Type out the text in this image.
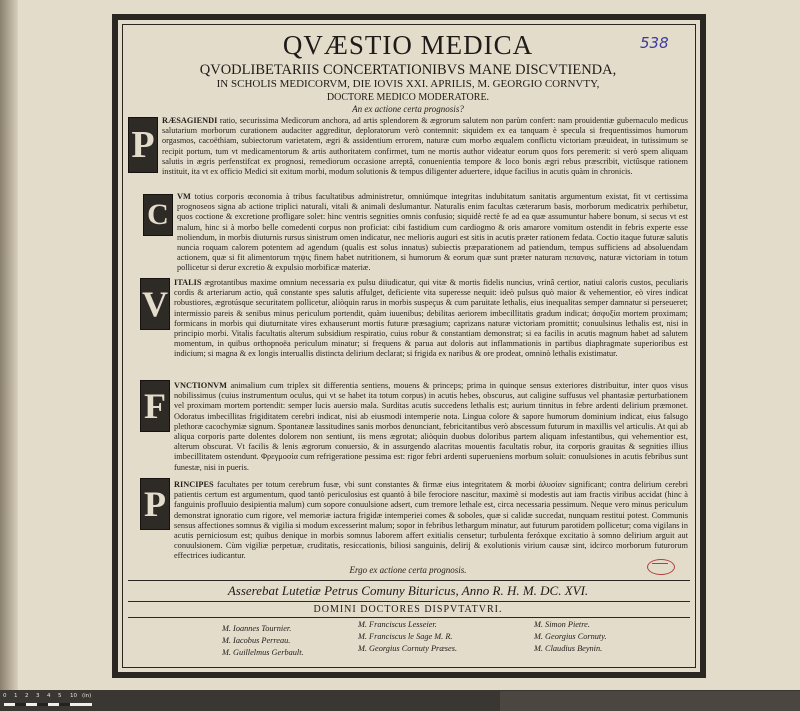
538
QVÆSTIO MEDICA
QVODLIBETARIIS CONCERTATIONIBVS MANE DISCVTIENDA,
IN SCHOLIS MEDICORVM, DIE IOVIS XXI. APRILIS, M. GEORGIO CORNVTY,
DOCTORE MEDICO MODERATORE.
An ex actione certa prognosis?
P

RÆSAGIENDI ratio, securissima Medicorum anchora, ad artis splendorem & ægrorum salutem non parùm confert: nam prouidentiæ gubernaculo medicus salutarium morborum curationem audaciter aggreditur, deploratorum verò contemnit: siquidem ex ea tanquam è specula si frequentissimos humorum orgasmos, cacoëthiam, subiectorum varietatem, ægri & assidentium errorem, naturæ cum morbo æqualem conflictu victoriam præuideat, in tutissimum se recipit portum, tum vt medicamentorum & artis authoritatem confirmet, tum ne mortis author videatur eorum quos fors peremerit: si verò spem aliquam salutis in ægris perfenstifcat ex prognosi, remediorum occasione arreptâ, conuenientia tempore & loco bonis ægri rebus præscribit, victûsque rationem instituit, ita vt ex officio Medici sit exitum morbi, modum solutionis & tempus diligenter aduertere, idque facilius in acutis quàm in chronicis.

C

VM totius corporis œconomia à tribus facultatibus administretur, omniúmque integritas indubitatum sanitatis argumentum existat, fit vt certissima prognoseos signa ab actione triplici naturali, vitali & animali deslumantur. Naturalis enim facultas cæterarum basis, morborum medicatrix perhibetur, quos coctione & excretione profligare solet: hinc ventris segnities omnis confusio; siquidè rectè fe ad ea quæ assumuntur habere bonum, si secus vt est malum, hinc si à morbo belle comedenti corpus non proficiat: cibi fastidium cum cardiogmo & oris amarore vomitum ostendit in febris experte esse moliendum, in morbis diuturnis rursus sinistrum omen indicatur, nec melioris auguri est sitis in acutis præter rationem fedata. Coctio itaque futuræ salutis nuncia roquam calorem potentem ad agendum (qualis est solus innatus) subiectis præparationem ad patiendum, tempus sufficiens ad absoluendam actionem, quæ si fit alimentorum τηψις finem habet nutritionem, si humorum & eorum quæ sunt præter naturam πεπανσις, naturæ victoriam in totum pollicetur si derur excretio & expulsio morbificæ materiæ.

V

ITALIS ægrotantibus maxime omnium necessaria ex pulsu diiudicatur, qui vitæ & mortis fidelis nuncius, vrinâ certior, natiui caloris custos, peculiaris cordis & arteriarum actio, quâ constante spes salutis affulget, deficiente vita superesse nequit: ideò pulsus quò maior & vehementior, eò vires indicat robustiores, ægrotúsque securitatem pollicetur, aliòquin rarus in morbis suspeçus & cum paruitate lethalis, eius inequalitas semper damnatur si perseueret; intermissio pareis & senibus minus periculum portendit, quàm iuuenibus; debilitas aeriorem imbecillitatis gradum indicat; ἀσφυξία mortem proximam; formicans in morbis qui diuturnitate vires exhauserunt mortis futuræ præsagium; caprizans naturæ victoriam promittit; conuulsinus lethalis est, nisi in principio morbi. Vitalis facultatis alterum subsidium respiratio, cuius robur & constantiam demonstrat; si ea facilis in acutis magnum habet ad salutem momentum, in quibus orthopnoëa periculum minatur; si frequens & parua aut doloris aut inflammationis in partibus diaphragmate superioribus est indicium; si magna & ex longis interuallis distincta delirium declarat; si frigida ex naribus & ore prodeat, omninò lethalis existimatur.

F

VNCTIONVM animalium cum triplex sit differentia sentiens, mouens & princeps; prima in quinque sensus exteriores distribuitur, inter quos visus nobilissimus (cuius instrumentum oculus, qui vt se habet ita totum corpus) in acutis hebes, obscurus, aut caligine suffusus vel phantasiæ perturbationem vel proximam mortem portendit: semper lucis auersio mala. Surditas acutis succedens lethalis est; aurium tinnitus in febre ardenti delirium præmonet. Odoratus imbecillitas frigiditatem cerebri indicat, nisi ab eiusmodi intemperie nota. Lingua colore & sapore humorum dominium indicat, eius falsugo plethoræ cacochymiæ signum. Spontaneæ lassitudines sanis morbos denunciant, febricitantibus verò abscessum futurum in maxillis vel articulis. At qui ab aliqua corporis parte dolentes dolorem non sentiunt, iis mens ægrotat; aliòquin duobus doloribus partem aliquam infestantibus, qui vehementior est, alterum obscurat. Vt facilis & lenis ægrorum conuersio, & in assurgendo alacritas mouentis facultatis robur, ita corporis grauitas & segnities illius imbecillitatem ostendunt. Φρεγμοσία cum refrigeratione pessima est: rigor febri ardenti superueniens morbum soluit: conuulsiones in acutis febribus sunt funestæ, nisi in pueris.

P RINCIPES facultates per totum cerebrum fusæ, vbi sunt constantes & firmæ eius integritatem & morbi ἀλυσίαν significant; contra delirium cerebri patientis certum est argumentum, quod tantò periculosius est quantò à bile ferociore nascitur, maximè si modestis aut iam fractis viribus accidat (hinc à fanguinis profluuio desipientia malum) cum sopore conuulsione adsert, cum tremore lethale est, circa necessaria pessimum. Neque vero minus periculum demonstrat ignoratio cum rigore, vel memoriæ iactura frigidæ intemperiei comes & soboles, quæ si calidæ succedat, nunquam restitui potest. Communis sensus affectiones somnus & vigilia si modum excesserint malum; sopor in febribus lethargum minatur, aut futurum parotidem pollicetur; coma vigilans in acutis perniciosum est; quibus denique in morbis somnus laborem affert exitialis censetur; turbulenta feróxque excitatio à somno delirium arguit aut conuulsionem. Cùm vigiliæ perpetuæ, cruditatis, resiccationis, biliosi sanguinis, delirij & exolutionis virium causæ sint, idcirco morborum futurorum effectrices iudicantur.

Ergo ex actione certa prognosis.
Asserebat Lutetiæ Petrus Comuny Bituricus, Anno R. H. M. DC. XVI.
DOMINI DOCTORES DISPVTATVRI.
M. Ioannes Tournier.
M. Iacobus Perreau.
M. Guillelmus Gerbault.
M. Franciscus Lesseier.
M. Franciscus le Sage M. R.
M. Georgius Cornuty Præses.
M. Simon Pietre.
M. Georgius Cornuty.
M. Claudius Beynin.
0 1 2 3 4 5 10 (in)
